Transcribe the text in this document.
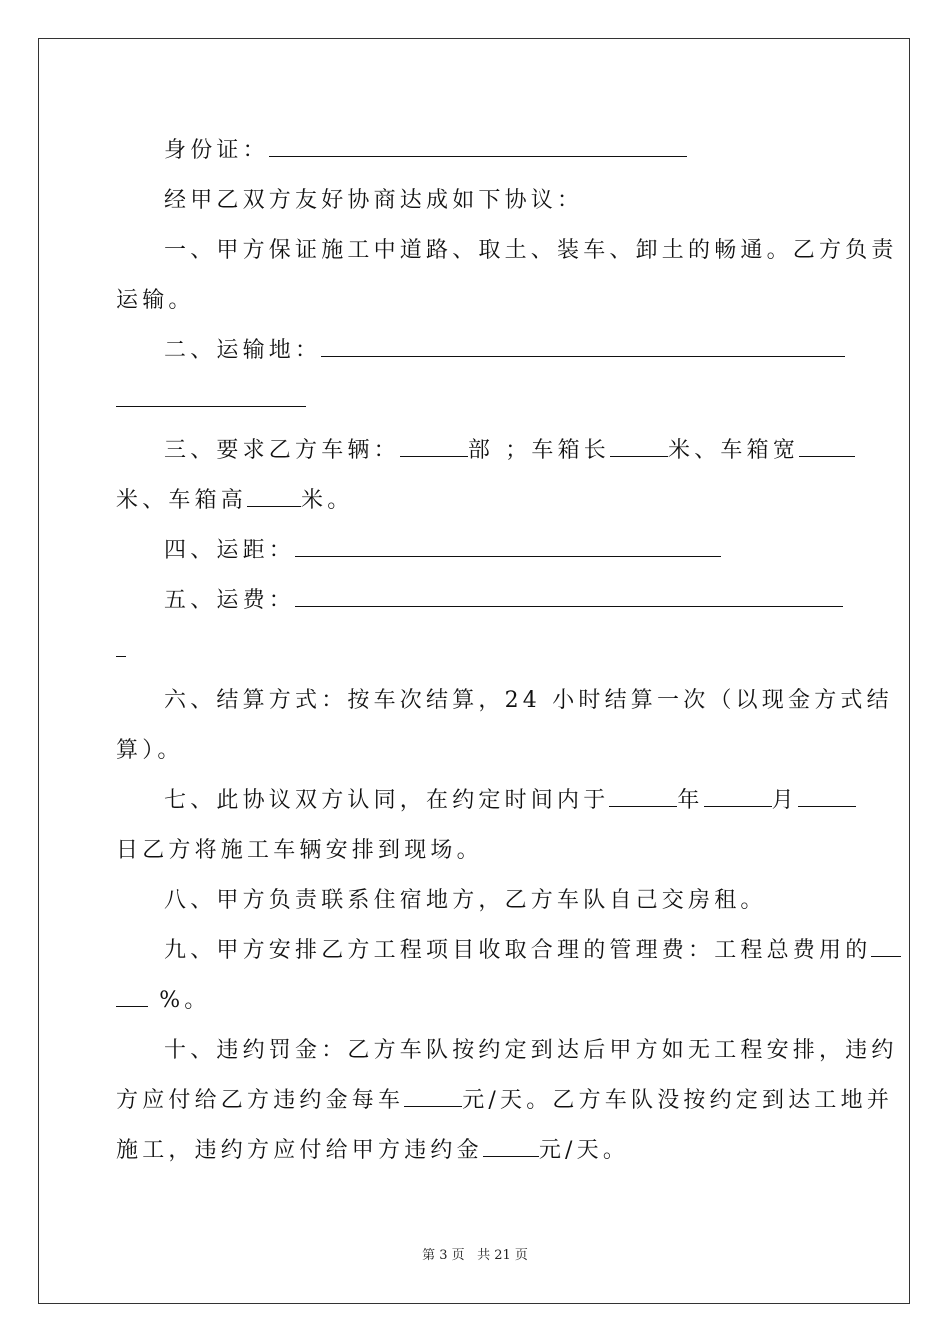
身份证：
经甲乙双方友好协商达成如下协议：
一、甲方保证施工中道路、取土、装车、卸土的畅通。乙方负责
运输。
二、运输地：
三、要求乙方车辆：	部 ；车箱长	米、车箱宽
米、车箱高 米。
四、运距：
五、运费：
六、结算方式：按车次结算，24 小时结算一次（以现金方式结
算）。
七、此协议双方认同，在约定时间内于	年	月
日乙方将施工车辆安排到现场。
八、甲方负责联系住宿地方，乙方车队自己交房租。
九、甲方安排乙方工程项目收取合理的管理费：工程总费用的
%。
十、违约罚金：乙方车队按约定到达后甲方如无工程安排，违约
方应付给乙方违约金每车	元/天。乙方车队没按约定到达工地并
施工，违约方应付给甲方违约金	元/天。
第 3 页 共 21 页
